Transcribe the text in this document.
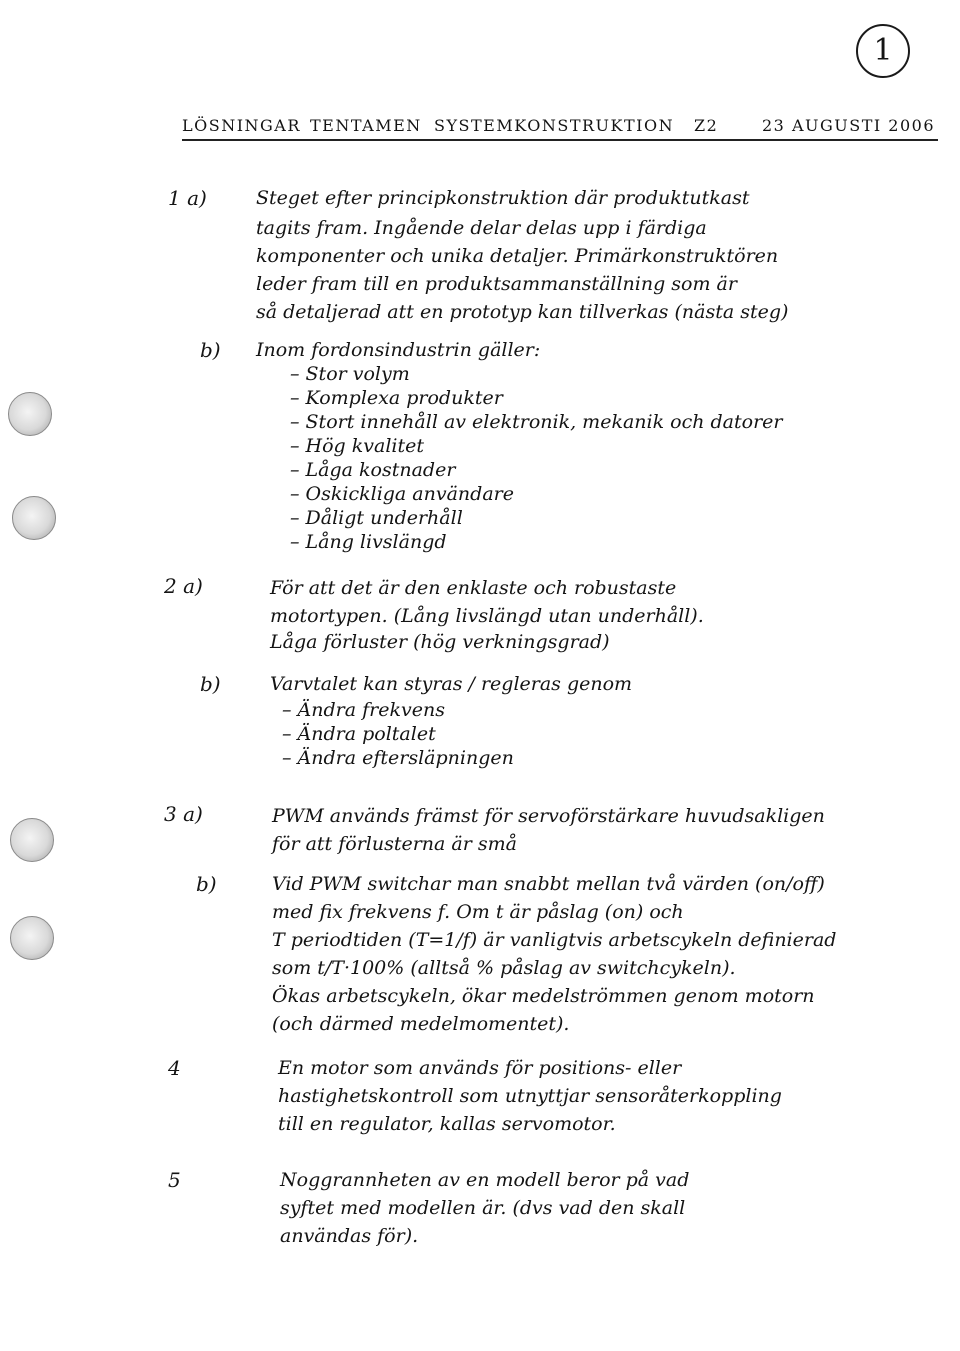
1
LÖSNINGAR TENTAMEN SYSTEMKONSTRUKTION Z2	23 AUGUSTI 2006
1 a)	Steget efter principkonstruktion där produktutkast
tagits fram. Ingående delar delas upp i färdiga
komponenter och unika detaljer. Primärkonstruktören
leder fram till en produktsammanställning som är
så detaljerad att en prototyp kan tillverkas (nästa steg)
b) Inom fordonsindustrin gäller:
– Stor volym
– Komplexa produkter
– Stort innehåll av elektronik, mekanik och datorer
– Hög kvalitet
– Låga kostnader
– Oskickliga användare
– Dåligt underhåll
– Lång livslängd
2 a)	För att det är den enklaste och robustaste
motortypen. (Lång livslängd utan underhåll).
Låga förluster (hög verkningsgrad)
b)	Varvtalet kan styras / regleras genom
– Ändra frekvens
– Ändra poltalet
– Ändra eftersläpningen
3 a)	PWM används främst för servoförstärkare huvudsakligen
för att förlusterna är små
b)	Vid PWM switchar man snabbt mellan två värden (on/off)
med fix frekvens f. Om t är påslag (on) och
T periodtiden (T=1/f) är vanligtvis arbetscykeln definierad
som t/T·100% (alltså % påslag av switchcykeln).
Ökas arbetscykeln, ökar medelströmmen genom motorn
(och därmed medelmomentet).
4	En motor som används för positions- eller
hastighetskontroll som utnyttjar sensoråterkoppling
till en regulator, kallas servomotor.
5	Noggrannheten av en modell beror på vad
syftet med modellen är. (dvs vad den skall
användas för).
